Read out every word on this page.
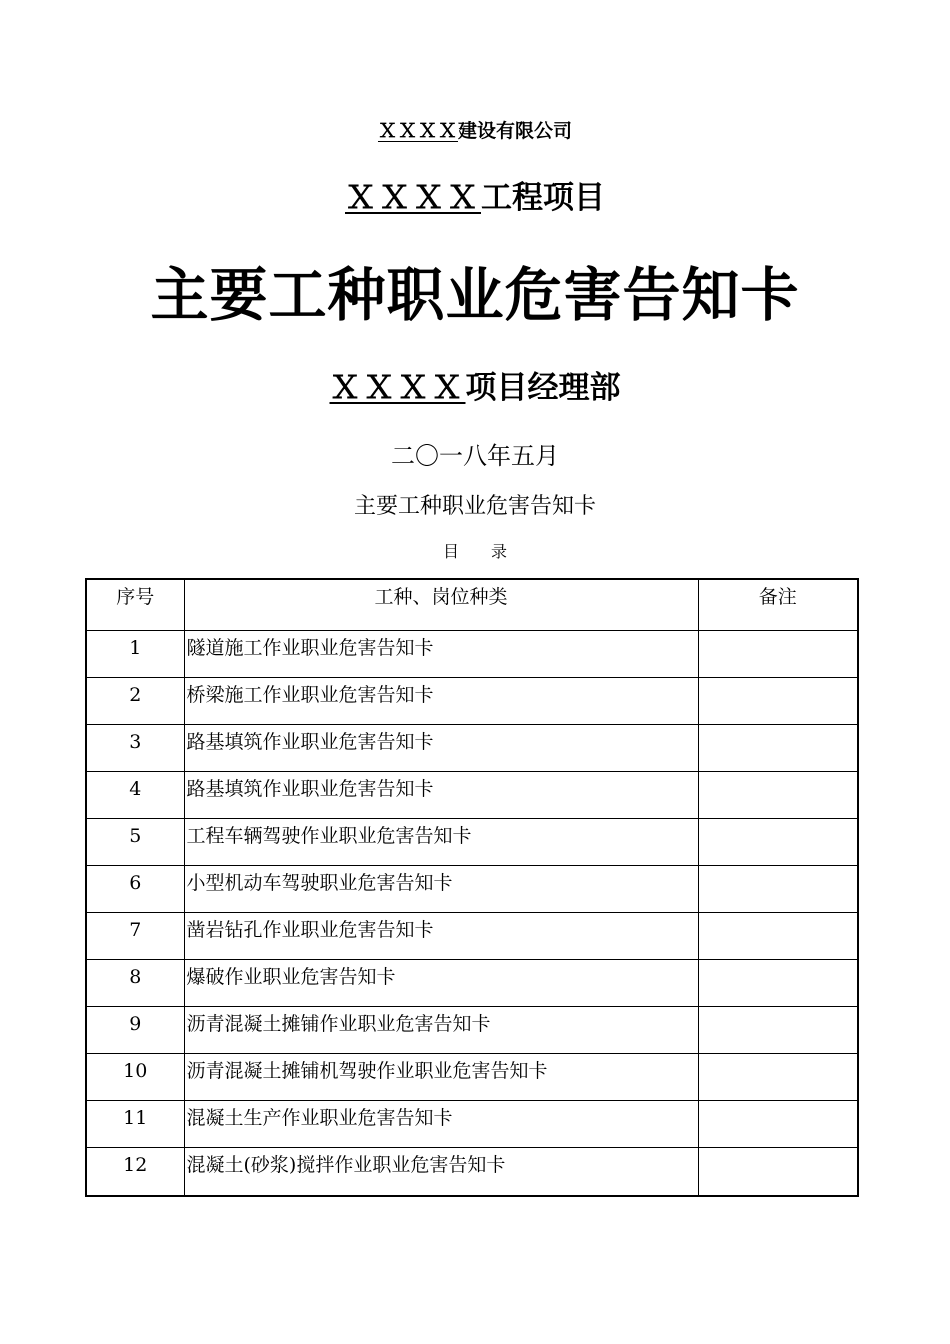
ＸＸＸＸ建设有限公司
ＸＸＸＸ工程项目
主要工种职业危害告知卡
ＸＸＸＸ项目经理部
二〇一八年五月
主要工种职业危害告知卡
目 录
序号	工种、岗位种类	备注
1	隧道施工作业职业危害告知卡	
2	桥梁施工作业职业危害告知卡	
3	路基填筑作业职业危害告知卡	
4	路基填筑作业职业危害告知卡	
5	工程车辆驾驶作业职业危害告知卡	
6	小型机动车驾驶职业危害告知卡	
7	凿岩钻孔作业职业危害告知卡	
8	爆破作业职业危害告知卡	
9	沥青混凝土摊铺作业职业危害告知卡	
10	沥青混凝土摊铺机驾驶作业职业危害告知卡	
11	混凝土生产作业职业危害告知卡	
12	混凝土(砂浆)搅拌作业职业危害告知卡	
